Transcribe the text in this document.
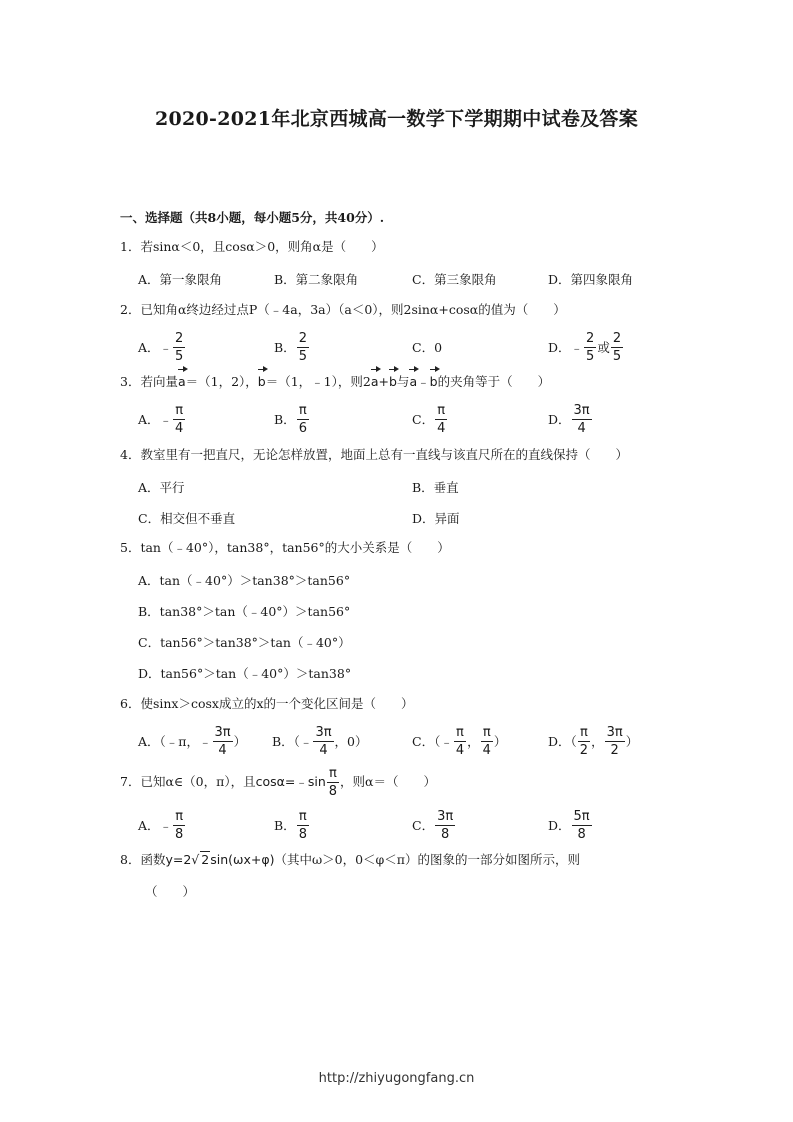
2020-2021年北京西城高一数学下学期期中试卷及答案
一、选择题（共8小题，每小题5分，共40分）.
1．若sinα＜0，且cosα＞0，则角α是（　　）
A．第一象限角	B．第二象限角	C．第三象限角	D．第四象限角
2．已知角α终边经过点P（﹣4a，3a）（a＜0），则2sinα+cosα的值为（　　）
A． ﹣ $\frac{2}{5}$	B． $\frac{2}{5}$	C．0	D． ﹣ $\frac{2}{5}$ 或 $\frac{2}{5}$
3．若向量a＝（1，2），b＝（1，﹣1），则2a+b与a﹣b的夹角等于（　　）
A．﹣ $\frac{\pi}{4}$	B． $\frac{\pi}{6}$	C． $\frac{\pi}{4}$	D． $\frac{3\pi}{4}$
4．教室里有一把直尺，无论怎样放置，地面上总有一直线与该直尺所在的直线保持（　　）
A．平行	B．垂直
C．相交但不垂直	D．异面
5．tan（﹣40°），tan38°，tan56°的大小关系是（　　）
A．tan（﹣40°）＞tan38°＞tan56°
B．tan38°＞tan（﹣40°）＞tan56°
C．tan56°＞tan38°＞tan（﹣40°）
D．tan56°＞tan（﹣40°）＞tan38°
6．使sinx＞cosx成立的x的一个变化区间是（　　）
A．（﹣π，﹣ $\frac{3\pi}{4}$ ） B．（﹣ $\frac{3\pi}{4}$ ，0）	C．（﹣ $\frac{\pi}{4}$ ， $\frac{\pi}{4}$ ）	D．（ $\frac{\pi}{2}$ ， $\frac{3\pi}{2}$ ）
7．已知α∈（0，π），且 cosα =﹣sin $\frac{\pi}{8}$ ，则α＝（　　）
A．﹣ $\frac{\pi}{8}$	B． $\frac{\pi}{8}$	C． $\frac{3\pi}{8}$	D． $\frac{5\pi}{8}$
8．函数y=2√ 2sin(ωx+φ)（其中ω＞0，0＜φ＜π）的图象的一部分如图所示，则
（　　）
http://zhiyugongfang.cn
